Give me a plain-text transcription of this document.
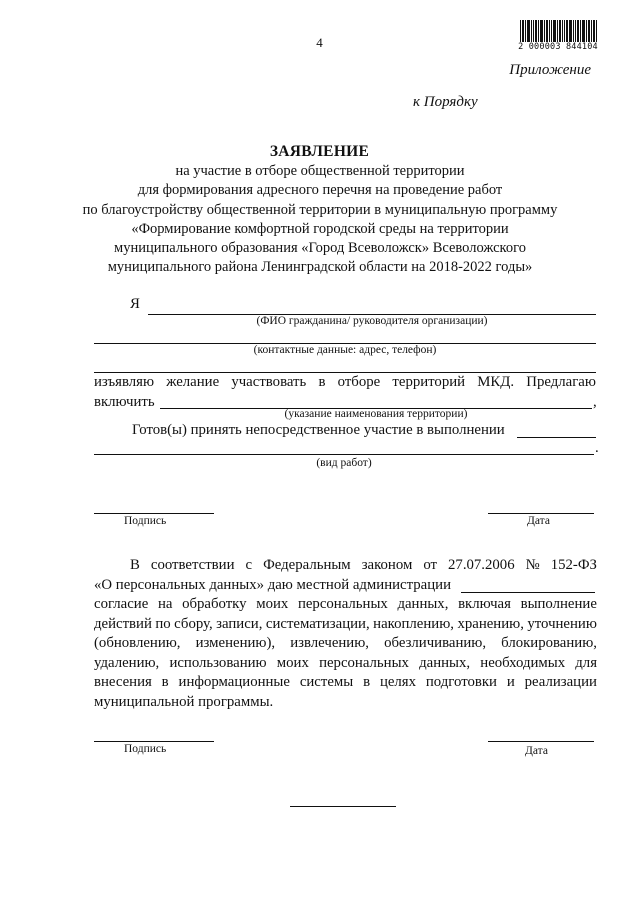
4	2 000003 844104
Приложение
к Порядку
ЗАЯВЛЕНИЕ
на участие в отборе общественной территории
для формирования адресного перечня на проведение работ
по благоустройству общественной территории в муниципальную программу
«Формирование комфортной городской среды на территории
муниципального образования «Город Всеволожск» Всеволожского
муниципального района Ленинградской области на 2018-2022 годы»
Я
(ФИО гражданина/ руководителя организации)
(контактные данные: адрес, телефон)
изъявляю желание участвовать в отборе территорий МКД. Предлагаю
включить	,
(указание наименования территории)
Готов(ы) принять непосредственное участие в выполнении
.
(вид работ)
Подпись	Дата
В соответствии с Федеральным законом от 27.07.2006 № 152-ФЗ
«О персональных данных» даю местной администрации
согласие на обработку моих персональных данных, включая выполнение
действий по сбору, записи, систематизации, накоплению, хранению, уточнению
(обновлению, изменению), извлечению, обезличиванию, блокированию,
удалению, использованию моих персональных данных, необходимых для
внесения в информационные системы в целях подготовки и реализации
муниципальной программы.
Подпись	Дата
